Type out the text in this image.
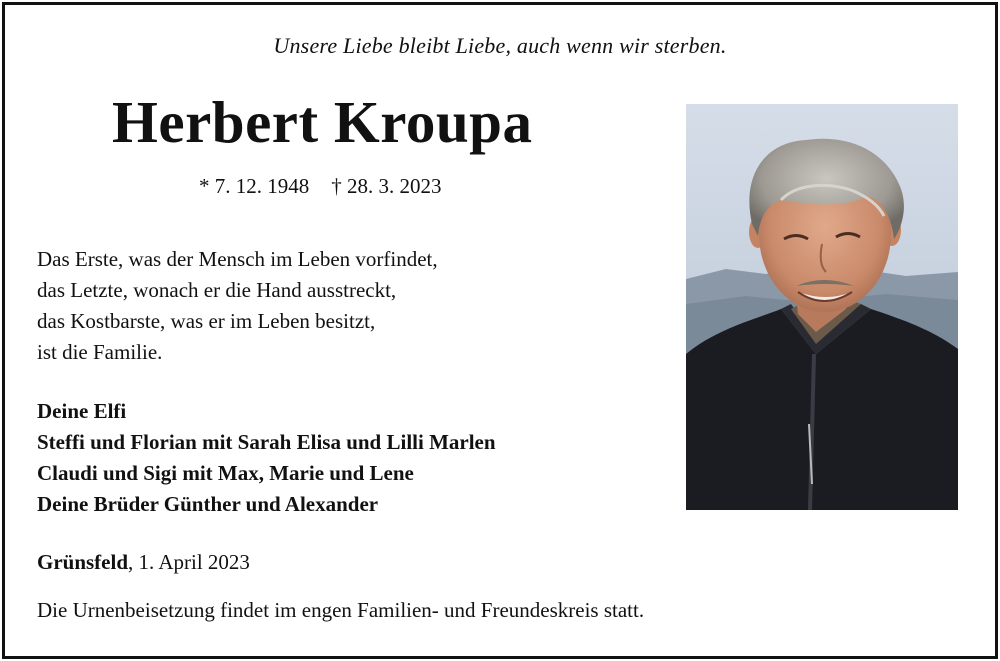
Unsere Liebe bleibt Liebe, auch wenn wir sterben.
Herbert Kroupa
* 7. 12. 1948 † 28. 3. 2023
Das Erste, was der Mensch im Leben vorfindet,
das Letzte, wonach er die Hand ausstreckt,
das Kostbarste, was er im Leben besitzt,
ist die Familie.
Deine Elfi
Steffi und Florian mit Sarah Elisa und Lilli Marlen
Claudi und Sigi mit Max, Marie und Lene
Deine Brüder Günther und Alexander
Grünsfeld, 1. April 2023
Die Urnenbeisetzung findet im engen Familien- und Freundeskreis statt.
